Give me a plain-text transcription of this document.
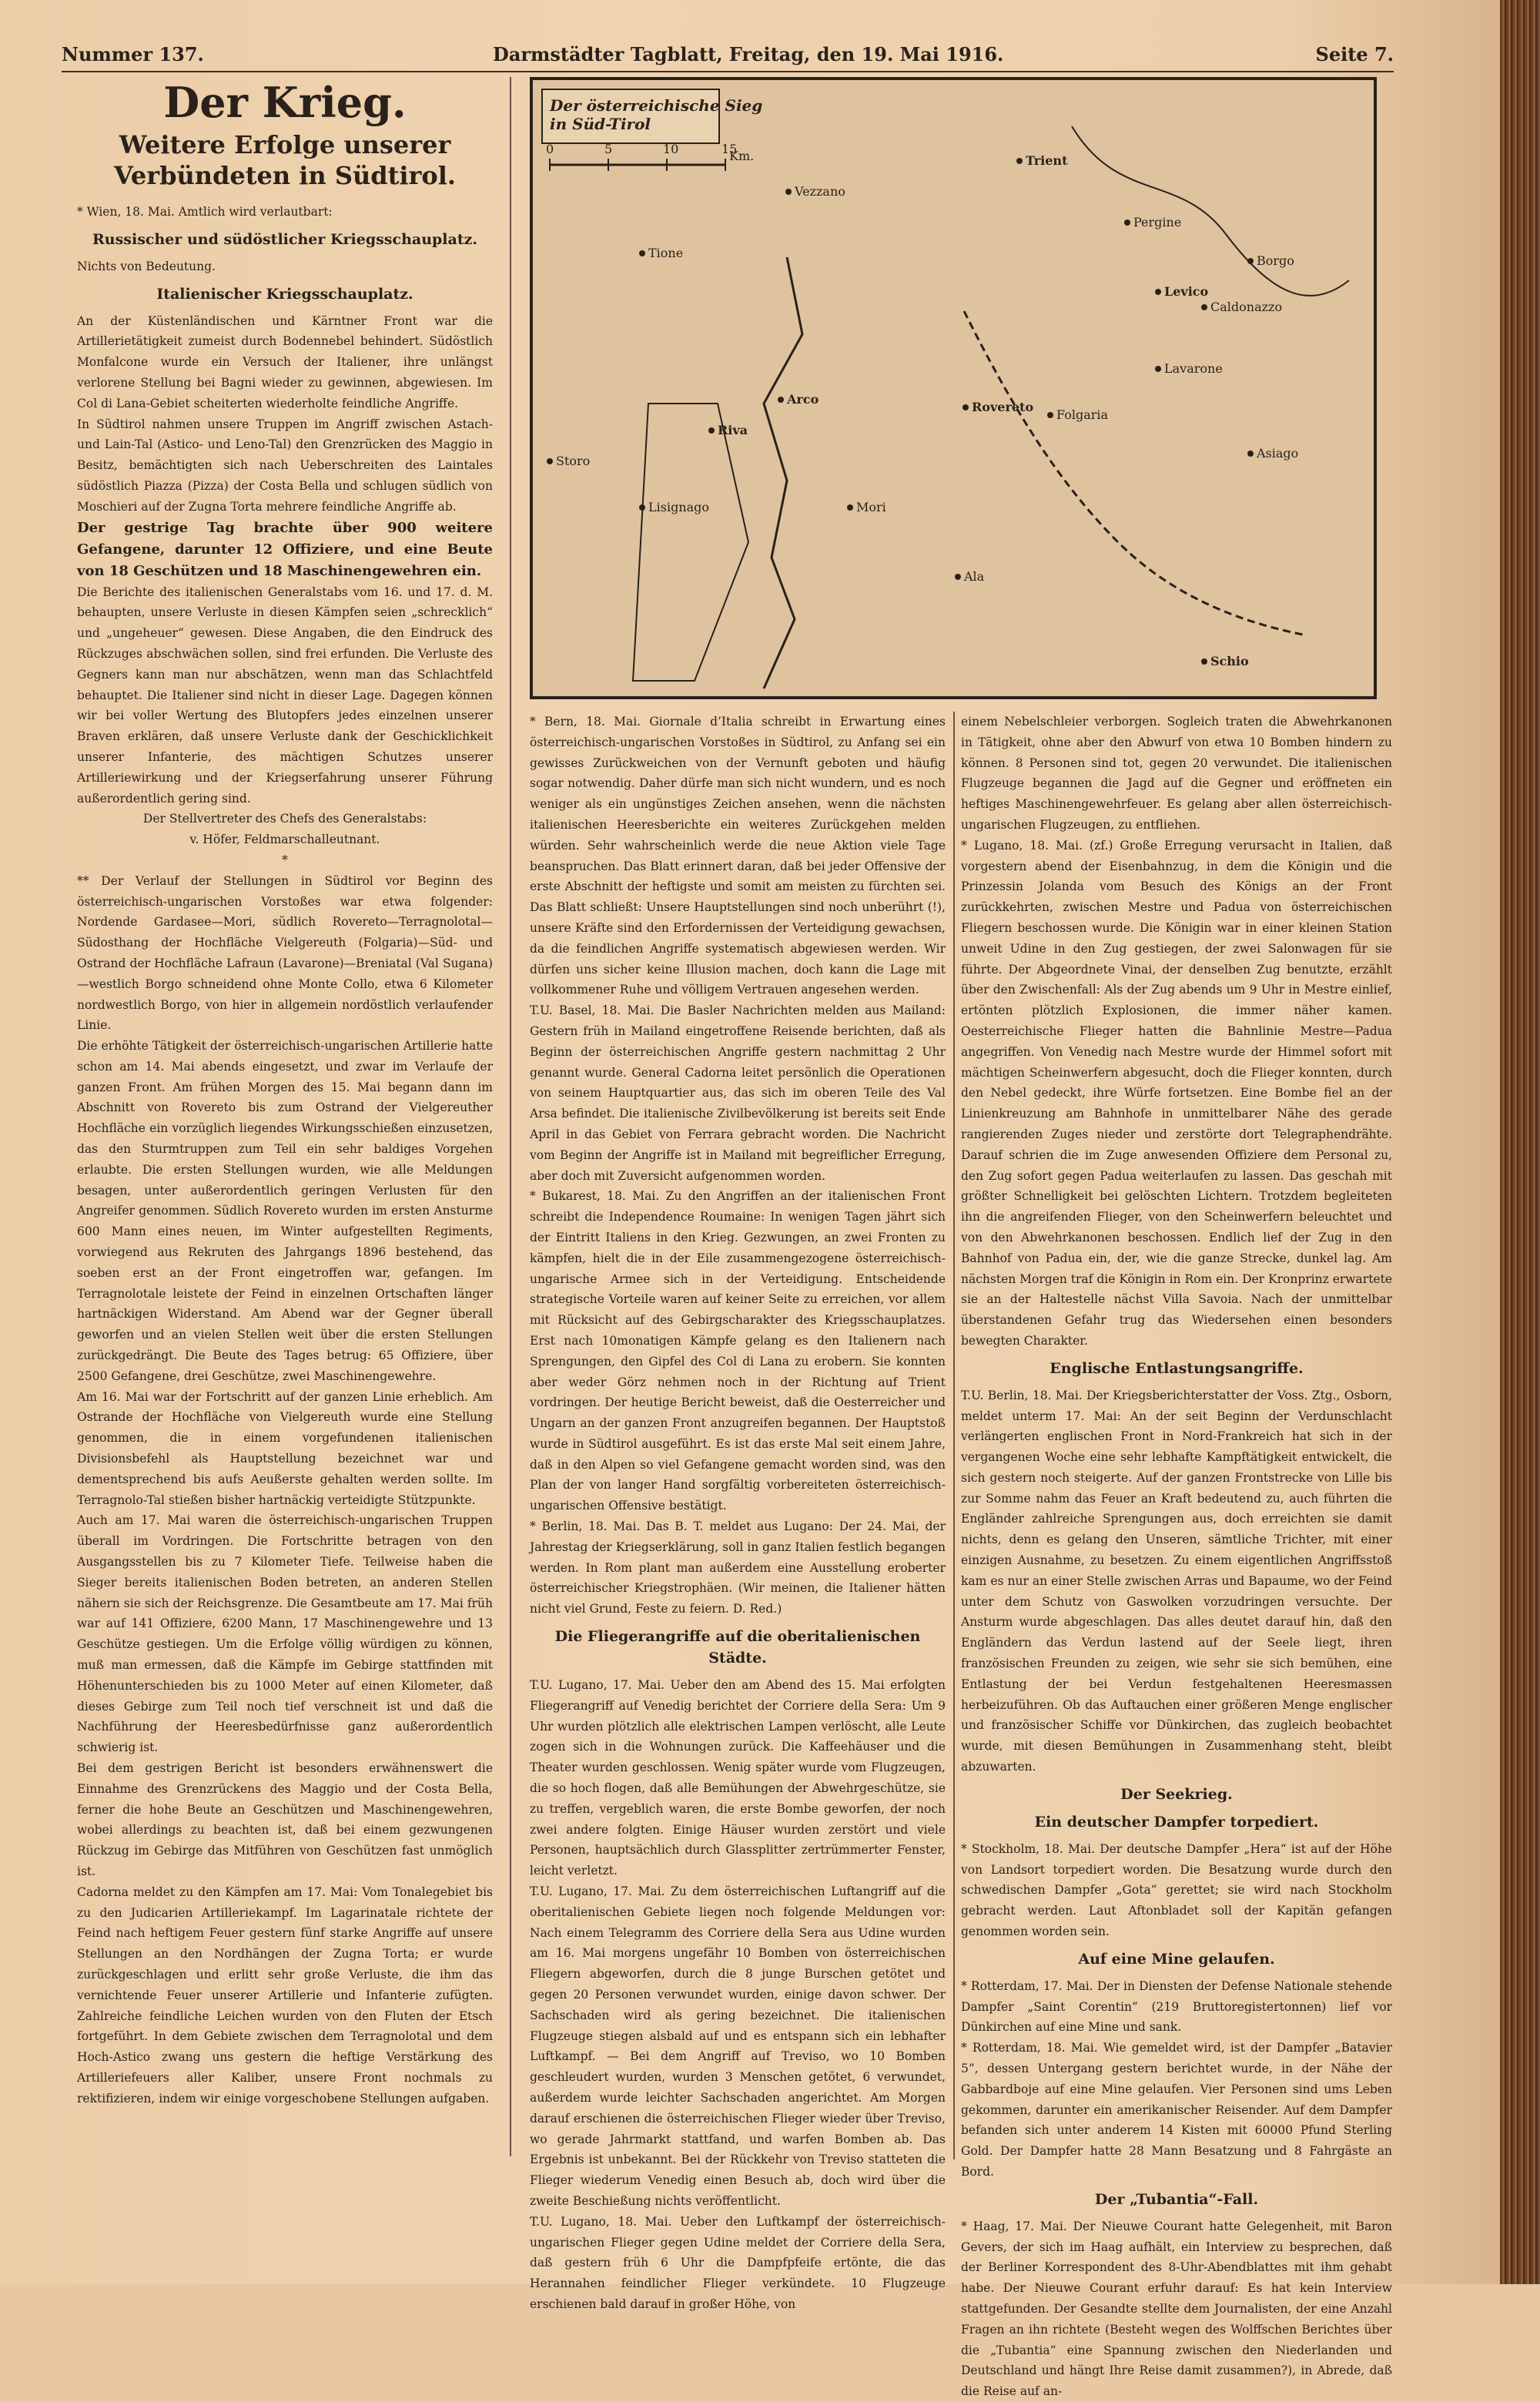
Nummer 137.	Darmstädter Tagblatt, Freitag, den 19. Mai 1916.	Seite 7.
Der Krieg.
Weitere Erfolge unserer Verbündeten in Südtirol.

* Wien, 18. Mai. Amtlich wird verlautbart:

Russischer und südöstlicher Kriegsschauplatz.

Nichts von Bedeutung.

Italienischer Kriegsschauplatz.

An der Küstenländischen und Kärntner Front war die Artillerietätigkeit zumeist durch Bodennebel behindert. Südöstlich Monfalcone wurde ein Versuch der Italiener, ihre unlängst verlorene Stellung bei Bagni wieder zu gewinnen, abgewiesen. Im Col di Lana-Gebiet scheiterten wiederholte feindliche Angriffe.

In Südtirol nahmen unsere Truppen im Angriff zwischen Astach- und Lain-Tal (Astico- und Leno-Tal) den Grenzrücken des Maggio in Besitz, bemächtigten sich nach Ueberschreiten des Laintales südöstlich Piazza (Pizza) der Costa Bella und schlugen südlich von Moschieri auf der Zugna Torta mehrere feindliche Angriffe ab.

Der gestrige Tag brachte über 900 weitere Gefangene, darunter 12 Offiziere, und eine Beute von 18 Geschützen und 18 Maschinengewehren ein.

Die Berichte des italienischen Generalstabs vom 16. und 17. d. M. behaupten, unsere Verluste in diesen Kämpfen seien „schrecklich“ und „ungeheuer“ gewesen. Diese Angaben, die den Eindruck des Rückzuges abschwächen sollen, sind frei erfunden. Die Verluste des Gegners kann man nur abschätzen, wenn man das Schlachtfeld behauptet. Die Italiener sind nicht in dieser Lage. Dagegen können wir bei voller Wertung des Blutopfers jedes einzelnen unserer Braven erklären, daß unsere Verluste dank der Geschicklichkeit unserer Infanterie, des mächtigen Schutzes unserer Artilleriewirkung und der Kriegserfahrung unserer Führung außerordentlich gering sind.

Der Stellvertreter des Chefs des Generalstabs:

v. Höfer, Feldmarschalleutnant.

*

** Der Verlauf der Stellungen in Südtirol vor Beginn des österreichisch-ungarischen Vorstoßes war etwa folgender: Nordende Gardasee—Mori, südlich Rovereto—Terragnolotal—Südosthang der Hochfläche Vielgereuth (Folgaria)—Süd- und Ostrand der Hochfläche Lafraun (Lavarone)—Breniatal (Val Sugana)—westlich Borgo schneidend ohne Monte Collo, etwa 6 Kilometer nordwestlich Borgo, von hier in allgemein nordöstlich verlaufender Linie.

Die erhöhte Tätigkeit der österreichisch-ungarischen Artillerie hatte schon am 14. Mai abends eingesetzt, und zwar im Verlaufe der ganzen Front. Am frühen Morgen des 15. Mai begann dann im Abschnitt von Rovereto bis zum Ostrand der Vielgereuther Hochfläche ein vorzüglich liegendes Wirkungsschießen einzusetzen, das den Sturmtruppen zum Teil ein sehr baldiges Vorgehen erlaubte. Die ersten Stellungen wurden, wie alle Meldungen besagen, unter außerordentlich geringen Verlusten für den Angreifer genommen. Südlich Rovereto wurden im ersten Ansturme 600 Mann eines neuen, im Winter aufgestellten Regiments, vorwiegend aus Rekruten des Jahrgangs 1896 bestehend, das soeben erst an der Front eingetroffen war, gefangen. Im Terragnolotale leistete der Feind in einzelnen Ortschaften länger hartnäckigen Widerstand. Am Abend war der Gegner überall geworfen und an vielen Stellen weit über die ersten Stellungen zurückgedrängt. Die Beute des Tages betrug: 65 Offiziere, über 2500 Gefangene, drei Geschütze, zwei Maschinengewehre.

Am 16. Mai war der Fortschritt auf der ganzen Linie erheblich. Am Ostrande der Hochfläche von Vielgereuth wurde eine Stellung genommen, die in einem vorgefundenen italienischen Divisionsbefehl als Hauptstellung bezeichnet war und dementsprechend bis aufs Aeußerste gehalten werden sollte. Im Terragnolo-Tal stießen bisher hartnäckig verteidigte Stützpunkte.

Auch am 17. Mai waren die österreichisch-ungarischen Truppen überall im Vordringen. Die Fortschritte betragen von den Ausgangsstellen bis zu 7 Kilometer Tiefe. Teilweise haben die Sieger bereits italienischen Boden betreten, an anderen Stellen nähern sie sich der Reichsgrenze. Die Gesamtbeute am 17. Mai früh war auf 141 Offiziere, 6200 Mann, 17 Maschinengewehre und 13 Geschütze gestiegen. Um die Erfolge völlig würdigen zu können, muß man ermessen, daß die Kämpfe im Gebirge stattfinden mit Höhenunterschieden bis zu 1000 Meter auf einen Kilometer, daß dieses Gebirge zum Teil noch tief verschneit ist und daß die Nachführung der Heeresbedürfnisse ganz außerordentlich schwierig ist.

Bei dem gestrigen Bericht ist besonders erwähnenswert die Einnahme des Grenzrückens des Maggio und der Costa Bella, ferner die hohe Beute an Geschützen und Maschinengewehren, wobei allerdings zu beachten ist, daß bei einem gezwungenen Rückzug im Gebirge das Mitführen von Geschützen fast unmöglich ist.

Cadorna meldet zu den Kämpfen am 17. Mai: Vom Tonalegebiet bis zu den Judicarien Artilleriekampf. Im Lagarinatale richtete der Feind nach heftigem Feuer gestern fünf starke Angriffe auf unsere Stellungen an den Nordhängen der Zugna Torta; er wurde zurückgeschlagen und erlitt sehr große Verluste, die ihm das vernichtende Feuer unserer Artillerie und Infanterie zufügten. Zahlreiche feindliche Leichen wurden von den Fluten der Etsch fortgeführt. In dem Gebiete zwischen dem Terragnolotal und dem Hoch-Astico zwang uns gestern die heftige Verstärkung des Artilleriefeuers aller Kaliber, unsere Front nochmals zu rektifizieren, indem wir einige vorgeschobene Stellungen aufgaben.

Der österreichische Sieg in Süd-Tirol
Km.
0	5	10	15
Trient
Pergine
Levico
Borgo
Arco
Riva
Rovereto
Asiago
Schio
Ala
Storo
Tione
Caldonazzo
Lavarone
Folgaria
Mori
Vezzano
Lisignago

* Bern, 18. Mai. Giornale d’Italia schreibt in Erwartung eines österreichisch-ungarischen Vorstoßes in Südtirol, zu Anfang sei ein gewisses Zurückweichen von der Vernunft geboten und häufig sogar notwendig. Daher dürfe man sich nicht wundern, und es noch weniger als ein ungünstiges Zeichen ansehen, wenn die nächsten italienischen Heeresberichte ein weiteres Zurückgehen melden würden. Sehr wahrscheinlich werde die neue Aktion viele Tage beanspruchen. Das Blatt erinnert daran, daß bei jeder Offensive der erste Abschnitt der heftigste und somit am meisten zu fürchten sei. Das Blatt schließt: Unsere Hauptstellungen sind noch unberührt (!), unsere Kräfte sind den Erfordernissen der Verteidigung gewachsen, da die feindlichen Angriffe systematisch abgewiesen werden. Wir dürfen uns sicher keine Illusion machen, doch kann die Lage mit vollkommener Ruhe und völligem Vertrauen angesehen werden.

T.U. Basel, 18. Mai. Die Basler Nachrichten melden aus Mailand: Gestern früh in Mailand eingetroffene Reisende berichten, daß als Beginn der österreichischen Angriffe gestern nachmittag 2 Uhr genannt wurde. General Cadorna leitet persönlich die Operationen von seinem Hauptquartier aus, das sich im oberen Teile des Val Arsa befindet. Die italienische Zivilbevölkerung ist bereits seit Ende April in das Gebiet von Ferrara gebracht worden. Die Nachricht vom Beginn der Angriffe ist in Mailand mit begreiflicher Erregung, aber doch mit Zuversicht aufgenommen worden.

* Bukarest, 18. Mai. Zu den Angriffen an der italienischen Front schreibt die Independence Roumaine: In wenigen Tagen jährt sich der Eintritt Italiens in den Krieg. Gezwungen, an zwei Fronten zu kämpfen, hielt die in der Eile zusammengezogene österreichisch-ungarische Armee sich in der Verteidigung. Entscheidende strategische Vorteile waren auf keiner Seite zu erreichen, vor allem mit Rücksicht auf des Gebirgscharakter des Kriegsschauplatzes. Erst nach 10monatigen Kämpfe gelang es den Italienern nach Sprengungen, den Gipfel des Col di Lana zu erobern. Sie konnten aber weder Görz nehmen noch in der Richtung auf Trient vordringen. Der heutige Bericht beweist, daß die Oesterreicher und Ungarn an der ganzen Front anzugreifen begannen. Der Hauptstoß wurde in Südtirol ausgeführt. Es ist das erste Mal seit einem Jahre, daß in den Alpen so viel Gefangene gemacht worden sind, was den Plan der von langer Hand sorgfältig vorbereiteten österreichisch-ungarischen Offensive bestätigt.

* Berlin, 18. Mai. Das B. T. meldet aus Lugano: Der 24. Mai, der Jahrestag der Kriegserklärung, soll in ganz Italien festlich begangen werden. In Rom plant man außerdem eine Ausstellung eroberter österreichischer Kriegstrophäen. (Wir meinen, die Italiener hätten nicht viel Grund, Feste zu feiern. D. Red.)

Die Fliegerangriffe auf die oberitalienischen Städte.

T.U. Lugano, 17. Mai. Ueber den am Abend des 15. Mai erfolgten Fliegerangriff auf Venedig berichtet der Corriere della Sera: Um 9 Uhr wurden plötzlich alle elektrischen Lampen verlöscht, alle Leute zogen sich in die Wohnungen zurück. Die Kaffeehäuser und die Theater wurden geschlossen. Wenig später wurde vom Flugzeugen, die so hoch flogen, daß alle Bemühungen der Abwehrgeschütze, sie zu treffen, vergeblich waren, die erste Bombe geworfen, der noch zwei andere folgten. Einige Häuser wurden zerstört und viele Personen, hauptsächlich durch Glassplitter zertrümmerter Fenster, leicht verletzt.

T.U. Lugano, 17. Mai. Zu dem österreichischen Luftangriff auf die oberitalienischen Gebiete liegen noch folgende Meldungen vor: Nach einem Telegramm des Corriere della Sera aus Udine wurden am 16. Mai morgens ungefähr 10 Bomben von österreichischen Fliegern abgeworfen, durch die 8 junge Burschen getötet und gegen 20 Personen verwundet wurden, einige davon schwer. Der Sachschaden wird als gering bezeichnet. Die italienischen Flugzeuge stiegen alsbald auf und es entspann sich ein lebhafter Luftkampf. — Bei dem Angriff auf Treviso, wo 10 Bomben geschleudert wurden, wurden 3 Menschen getötet, 6 verwundet, außerdem wurde leichter Sachschaden angerichtet. Am Morgen darauf erschienen die österreichischen Flieger wieder über Treviso, wo gerade Jahrmarkt stattfand, und warfen Bomben ab. Das Ergebnis ist unbekannt. Bei der Rückkehr von Treviso statteten die Flieger wiederum Venedig einen Besuch ab, doch wird über die zweite Beschießung nichts veröffentlicht.

T.U. Lugano, 18. Mai. Ueber den Luftkampf der österreichisch-ungarischen Flieger gegen Udine meldet der Corriere della Sera, daß gestern früh 6 Uhr die Dampfpfeife ertönte, die das Herannahen feindlicher Flieger verkündete. 10 Flugzeuge erschienen bald darauf in großer Höhe, von

einem Nebelschleier verborgen. Sogleich traten die Abwehrkanonen in Tätigkeit, ohne aber den Abwurf von etwa 10 Bomben hindern zu können. 8 Personen sind tot, gegen 20 verwundet. Die italienischen Flugzeuge begannen die Jagd auf die Gegner und eröffneten ein heftiges Maschinengewehrfeuer. Es gelang aber allen österreichisch-ungarischen Flugzeugen, zu entfliehen.

* Lugano, 18. Mai. (zf.) Große Erregung verursacht in Italien, daß vorgestern abend der Eisenbahnzug, in dem die Königin und die Prinzessin Jolanda vom Besuch des Königs an der Front zurückkehrten, zwischen Mestre und Padua von österreichischen Fliegern beschossen wurde. Die Königin war in einer kleinen Station unweit Udine in den Zug gestiegen, der zwei Salonwagen für sie führte. Der Abgeordnete Vinai, der denselben Zug benutzte, erzählt über den Zwischenfall: Als der Zug abends um 9 Uhr in Mestre einlief, ertönten plötzlich Explosionen, die immer näher kamen. Oesterreichische Flieger hatten die Bahnlinie Mestre—Padua angegriffen. Von Venedig nach Mestre wurde der Himmel sofort mit mächtigen Scheinwerfern abgesucht, doch die Flieger konnten, durch den Nebel gedeckt, ihre Würfe fortsetzen. Eine Bombe fiel an der Linienkreuzung am Bahnhofe in unmittelbarer Nähe des gerade rangierenden Zuges nieder und zerstörte dort Telegraphendrähte. Darauf schrien die im Zuge anwesenden Offiziere dem Personal zu, den Zug sofort gegen Padua weiterlaufen zu lassen. Das geschah mit größter Schnelligkeit bei gelöschten Lichtern. Trotzdem begleiteten ihn die angreifenden Flieger, von den Scheinwerfern beleuchtet und von den Abwehrkanonen beschossen. Endlich lief der Zug in den Bahnhof von Padua ein, der, wie die ganze Strecke, dunkel lag. Am nächsten Morgen traf die Königin in Rom ein. Der Kronprinz erwartete sie an der Haltestelle nächst Villa Savoia. Nach der unmittelbar überstandenen Gefahr trug das Wiedersehen einen besonders bewegten Charakter.

Englische Entlastungsangriffe.

T.U. Berlin, 18. Mai. Der Kriegsberichterstatter der Voss. Ztg., Osborn, meldet unterm 17. Mai: An der seit Beginn der Verdunschlacht verlängerten englischen Front in Nord-Frankreich hat sich in der vergangenen Woche eine sehr lebhafte Kampftätigkeit entwickelt, die sich gestern noch steigerte. Auf der ganzen Frontstrecke von Lille bis zur Somme nahm das Feuer an Kraft bedeutend zu, auch führten die Engländer zahlreiche Sprengungen aus, doch erreichten sie damit nichts, denn es gelang den Unseren, sämtliche Trichter, mit einer einzigen Ausnahme, zu besetzen. Zu einem eigentlichen Angriffsstoß kam es nur an einer Stelle zwischen Arras und Bapaume, wo der Feind unter dem Schutz von Gaswolken vorzudringen versuchte. Der Ansturm wurde abgeschlagen. Das alles deutet darauf hin, daß den Engländern das Verdun lastend auf der Seele liegt, ihren französischen Freunden zu zeigen, wie sehr sie sich bemühen, eine Entlastung der bei Verdun festgehaltenen Heeresmassen herbeizuführen. Ob das Auftauchen einer größeren Menge englischer und französischer Schiffe vor Dünkirchen, das zugleich beobachtet wurde, mit diesen Bemühungen in Zusammenhang steht, bleibt abzuwarten.

Der Seekrieg.
Ein deutscher Dampfer torpediert.

* Stockholm, 18. Mai. Der deutsche Dampfer „Hera“ ist auf der Höhe von Landsort torpediert worden. Die Besatzung wurde durch den schwedischen Dampfer „Gota“ gerettet; sie wird nach Stockholm gebracht werden. Laut Aftonbladet soll der Kapitän gefangen genommen worden sein.

Auf eine Mine gelaufen.

* Rotterdam, 17. Mai. Der in Diensten der Defense Nationale stehende Dampfer „Saint Corentin“ (219 Bruttoregistertonnen) lief vor Dünkirchen auf eine Mine und sank.

* Rotterdam, 18. Mai. Wie gemeldet wird, ist der Dampfer „Batavier 5“, dessen Untergang gestern berichtet wurde, in der Nähe der Gabbardboje auf eine Mine gelaufen. Vier Personen sind ums Leben gekommen, darunter ein amerikanischer Reisender. Auf dem Dampfer befanden sich unter anderem 14 Kisten mit 60000 Pfund Sterling Gold. Der Dampfer hatte 28 Mann Besatzung und 8 Fahrgäste an Bord.

Der „Tubantia“-Fall.

* Haag, 17. Mai. Der Nieuwe Courant hatte Gelegenheit, mit Baron Gevers, der sich im Haag aufhält, ein Interview zu besprechen, daß der Berliner Korrespondent des 8-Uhr-Abendblattes mit ihm gehabt habe. Der Nieuwe Courant erfuhr darauf: Es hat kein Interview stattgefunden. Der Gesandte stellte dem Journalisten, der eine Anzahl Fragen an ihn richtete (Besteht wegen des Wolffschen Berichtes über die „Tubantia“ eine Spannung zwischen den Niederlanden und Deutschland und hängt Ihre Reise damit zusammen?), in Abrede, daß die Reise auf an-
